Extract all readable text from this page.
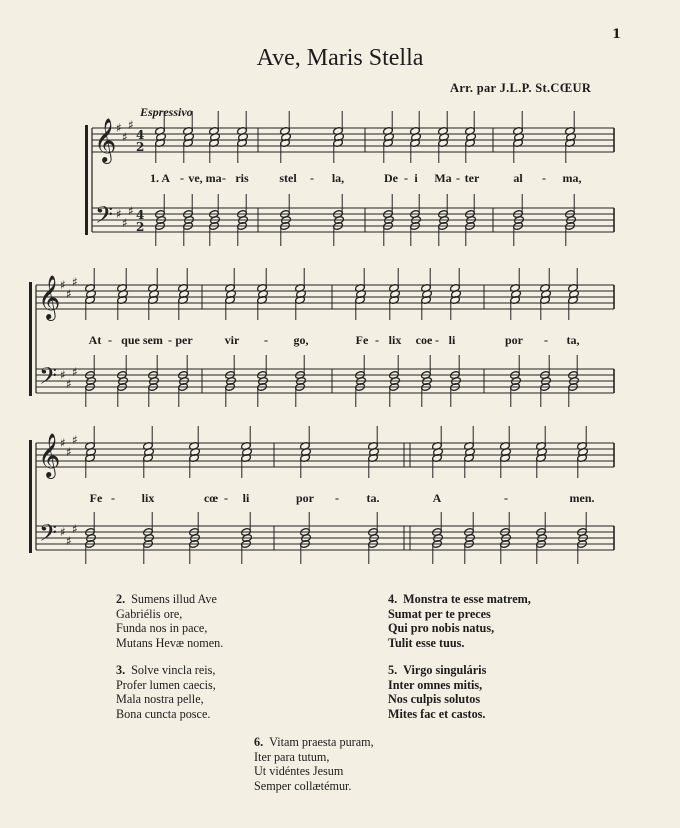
1
Ave, Maris Stella
Arr. par J.L.P. St.CŒUR
Espressivo
𝄞
𝄢
♯
♯
♯
♯
♯
♯
4
2
4
2
𝄞
𝄢
♯
♯
♯
♯
♯
♯
𝄞
𝄢
♯
♯
♯
♯
♯
♯
1. A - ve, ma - ris	stel - la,	De - i Ma - ter	al - ma,
At - que sem - per	vir - go,	Fe - lix coe - li	por - ta,
Fe - lix	cœ - li	por - ta.	A	-	men.
2. Sumens illud Ave
Gabriélis ore,
Funda nos in pace,
Mutans Hevæ nomen.
3. Solve vincla reis,
Profer lumen caecis,
Mala nostra pelle,
Bona cuncta posce.
4. Monstra te esse matrem,
Sumat per te preces
Qui pro nobis natus,
Tulit esse tuus.
5. Virgo singuláris
Inter omnes mitis,
Nos culpis solutos
Mites fac et castos.
6. Vitam praesta puram,
Iter para tutum,
Ut vidéntes Jesum
Semper collætémur.
